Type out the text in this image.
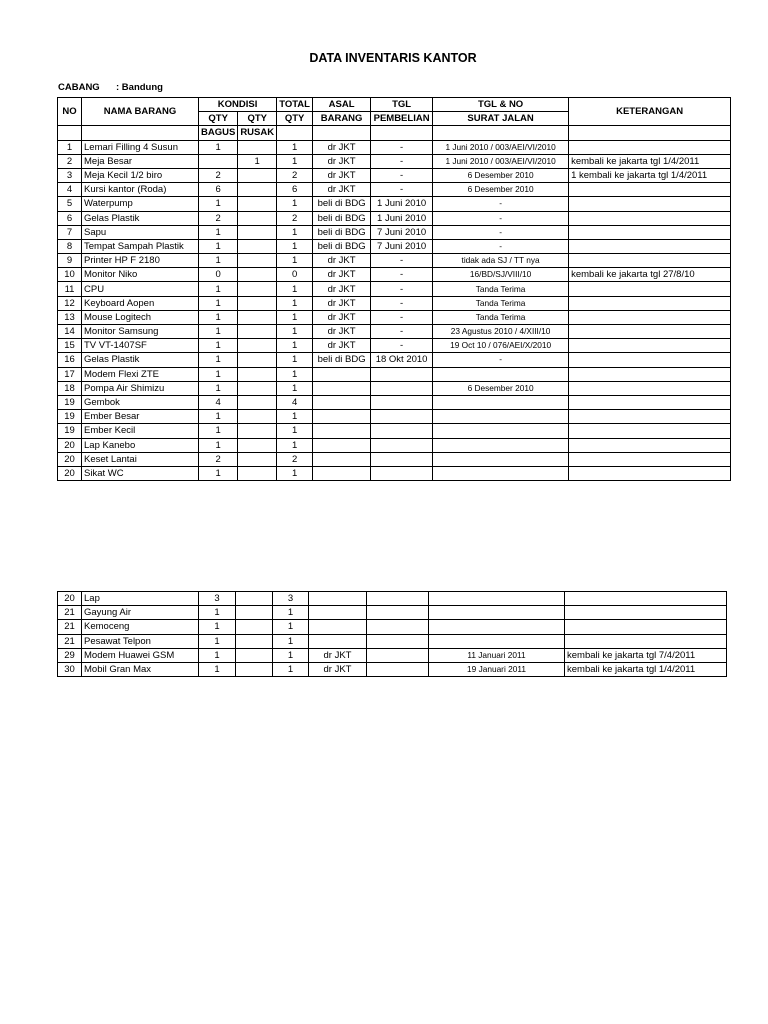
DATA INVENTARIS KANTOR
CABANG : Bandung
NO	NAMA BARANG	KONDISI		TOTAL	ASAL	TGL	TGL & NO	KETERANGAN
		QTY	QTY	QTY	BARANG	PEMBELIAN	SURAT JALAN	
		BAGUS	RUSAK					
1	Lemari Filling 4 Susun	1		1	dr JKT	-	1 Juni 2010 / 003/AEI/VI/2010	
2	Meja Besar		1	1	dr JKT	-	1 Juni 2010 / 003/AEI/VI/2010	kembali ke jakarta tgl 1/4/2011
3	Meja Kecil 1/2 biro	2		2	dr JKT	-	6 Desember 2010	1 kembali ke jakarta tgl 1/4/2011
4	Kursi kantor (Roda)	6		6	dr JKT	-	6 Desember 2010	
5	Waterpump	1		1	beli di BDG	1 Juni 2010	-	
6	Gelas Plastik	2		2	beli di BDG	1 Juni 2010	-	
7	Sapu	1		1	beli di BDG	7 Juni 2010	-	
8	Tempat Sampah Plastik	1		1	beli di BDG	7 Juni 2010	-	
9	Printer HP F 2180	1		1	dr JKT	-	tidak ada SJ / TT nya	
10	Monitor Niko	0		0	dr JKT	-	16/BD/SJ/VIII/10	kembali ke jakarta tgl 27/8/10
11	CPU	1		1	dr JKT	-	Tanda Terima	
12	Keyboard Aopen	1		1	dr JKT	-	Tanda Terima	
13	Mouse Logitech	1		1	dr JKT	-	Tanda Terima	
14	Monitor Samsung	1		1	dr JKT	-	23 Agustus 2010 / 4/XIII/10	
15	TV VT-1407SF	1		1	dr JKT	-	19 Oct 10 / 076/AEI/X/2010	
16	Gelas Plastik	1		1	beli di BDG	18 Okt 2010	-	
17	Modem Flexi ZTE	1		1				
18	Pompa Air Shimizu	1		1			6 Desember 2010	
19	Gembok	4		4				
19	Ember Besar	1		1				
19	Ember Kecil	1		1				
20	Lap Kanebo	1		1				
20	Keset Lantai	2		2				
20	Sikat WC	1		1				
20	Lap	3		3				
21	Gayung Air	1		1				
21	Kemoceng	1		1				
21	Pesawat Telpon	1		1				
29	Modem Huawei GSM	1		1	dr JKT		11 Januari 2011	kembali ke jakarta tgl 7/4/2011
30	Mobil Gran Max	1		1	dr JKT		19 Januari 2011	kembali ke jakarta tgl 1/4/2011
